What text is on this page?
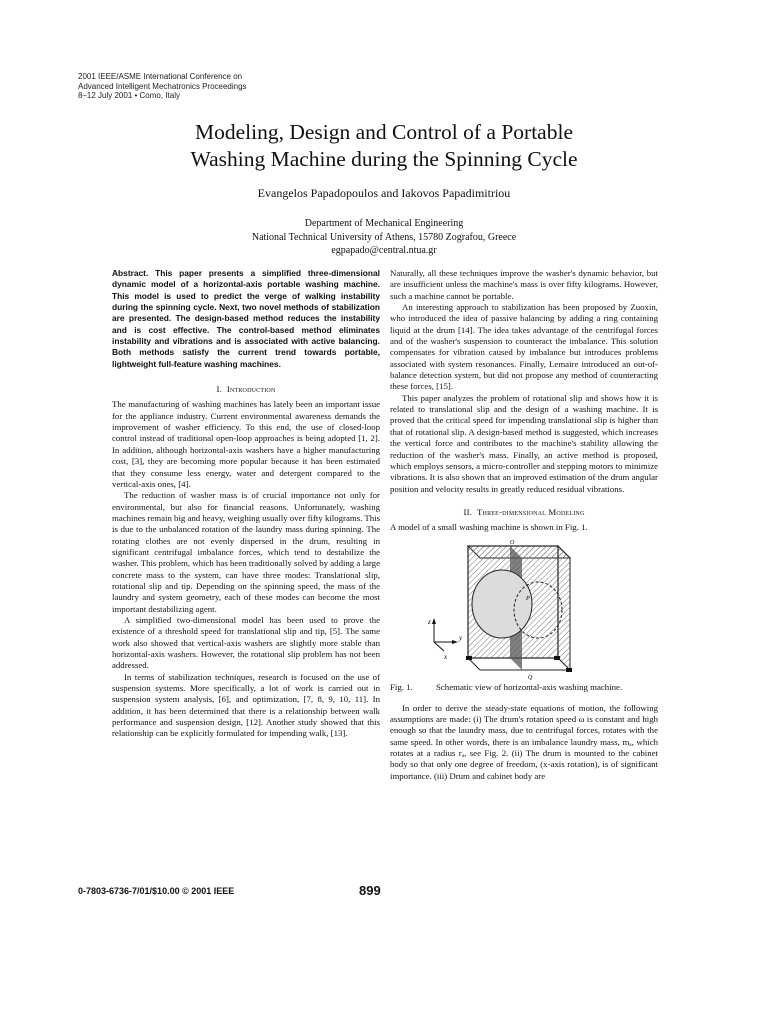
2001 IEEE/ASME International Conference on
Advanced Intelligent Mechatronics Proceedings
8–12 July 2001 • Como, Italy
Modeling, Design and Control of a Portable
Washing Machine during the Spinning Cycle
Evangelos Papadopoulos and Iakovos Papadimitriou
Department of Mechanical Engineering
National Technical University of Athens, 15780 Zografou, Greece
egpapado@central.ntua.gr

Abstract. This paper presents a simplified three-dimensional dynamic model of a horizontal-axis portable washing machine. This model is used to predict the verge of walking instability during the spinning cycle. Next, two novel methods of stabilization are presented. The design-based method reduces the instability and is cost effective. The control-based method eliminates instability and vibrations and is associated with active balancing. Both methods satisfy the current trend towards portable, lightweight full-feature washing machines.

I. Introduction

The manufacturing of washing machines has lately been an important issue for the appliance industry. Current environmental awareness demands the improvement of washer efficiency. To this end, the use of closed-loop control instead of traditional open-loop approaches is being adopted [1, 2]. In addition, although horizontal-axis washers have a higher manufacturing cost, [3], they are becoming more popular because it has been estimated that they consume less energy, water and detergent compared to the vertical-axis ones, [4].

The reduction of washer mass is of crucial importance not only for environmental, but also for financial reasons. Unfortunately, washing machines remain big and heavy, weighing usually over fifty kilograms. This is due to the unbalanced rotation of the laundry mass during spinning. The rotating clothes are not evenly dispersed in the drum, resulting in significant centrifugal imbalance forces, which tend to destabilize the washer. This problem, which has been traditionally solved by adding a large concrete mass to the system, can have three modes: Translational slip, rotational slip and tip. Depending on the spinning speed, the mass of the laundry and system geometry, each of these modes can become the most important destabilizing agent.

A simplified two-dimensional model has been used to prove the existence of a threshold speed for translational slip and tip, [5]. The same work also showed that vertical-axis washers are slightly more stable than horizontal-axis washers. However, the rotational slip problem has not been addressed.

In terms of stabilization techniques, research is focused on the use of suspension systems. More specifically, a lot of work is carried out in suspension system analysis, [6], and optimization, [7, 8, 9, 10, 11]. In addition, it has been determined that there is a relationship between walk performance and suspension design, [12]. Another study showed that this relationship can be explicitly formulated for impending walk, [13].

Naturally, all these techniques improve the washer's dynamic behavior, but are insufficient unless the machine's mass is over fifty kilograms. However, such a machine cannot be portable.

An interesting approach to stabilization has been proposed by Zuoxin, who introduced the idea of passive balancing by adding a ring containing liquid at the drum [14]. The idea takes advantage of the centrifugal forces and of the washer's suspension to counteract the imbalance. This solution compensates for vibration caused by imbalance but introduces problems associated with system resonances. Finally, Lemaire introduced an out-of-balance detection system, but did not propose any method of counteracting these forces, [15].

This paper analyzes the problem of rotational slip and shows how it is related to translational slip and the design of a washing machine. It is proved that the critical speed for impending translational slip is higher than that of rotational slip. A design-based method is suggested, which increases the vertical force and contributes to the machine's stability allowing the reduction of the washer's mass. Finally, an active method is proposed, which employs sensors, a micro-controller and stepping motors to minimize vibrations. It is also shown that an improved estimation of the drum angular position and velocity results in greatly reduced residual vibrations.

II. Three-dimensional Modeling

A model of a small washing machine is shown in Fig. 1.

z
y
x
O
P
Q
Fig. 1.	Schematic view of horizontal-axis washing machine.

In order to derive the steady-state equations of motion, the following assumptions are made: (i) The drum's rotation speed ω is constant and high enough so that the laundry mass, due to centrifugal forces, rotates with the same speed. In other words, there is an imbalance laundry mass, mₐ, which rotates at a radius rₐ, see Fig. 2. (ii) The drum is mounted to the cabinet body so that only one degree of freedom, (x-axis rotation), is of significant importance. (iii) Drum and cabinet body are

0-7803-6736-7/01/$10.00 © 2001 IEEE	899
